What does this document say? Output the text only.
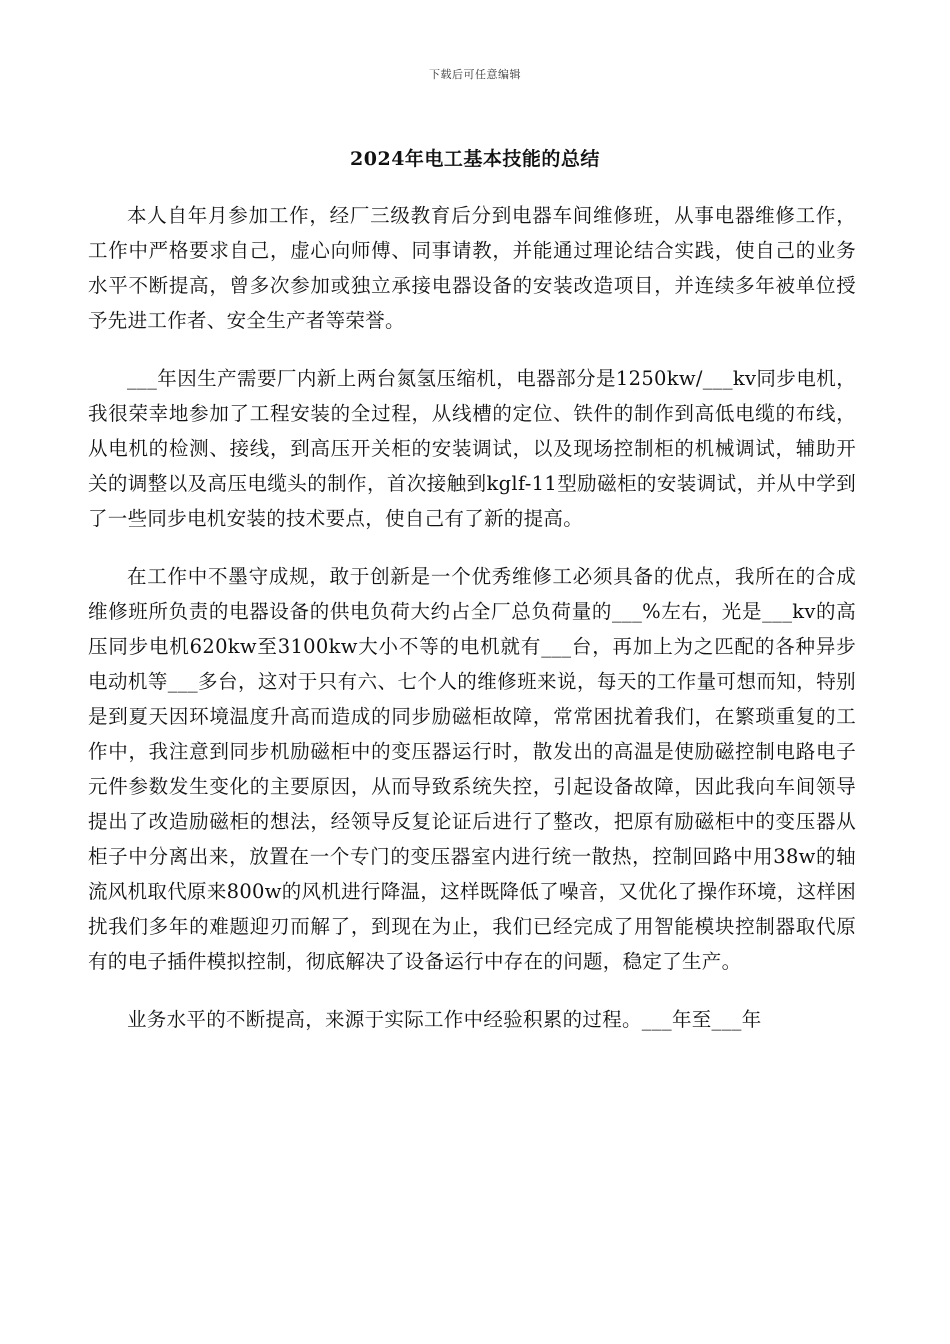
下载后可任意编辑
2024年电工基本技能的总结

本人自年月参加工作，经厂三级教育后分到电器车间维修班，从事电器维修工作，工作中严格要求自己，虚心向师傅、同事请教，并能通过理论结合实践，使自己的业务水平不断提高，曾多次参加或独立承接电器设备的安装改造项目，并连续多年被单位授予先进工作者、安全生产者等荣誉。

___年因生产需要厂内新上两台氮氢压缩机，电器部分是1250kw/___kv同步电机，我很荣幸地参加了工程安装的全过程，从线槽的定位、铁件的制作到高低电缆的布线，从电机的检测、接线，到高压开关柜的安装调试，以及现场控制柜的机械调试，辅助开关的调整以及高压电缆头的制作，首次接触到kglf-11型励磁柜的安装调试，并从中学到了一些同步电机安装的技术要点，使自己有了新的提高。

在工作中不墨守成规，敢于创新是一个优秀维修工必须具备的优点，我所在的合成维修班所负责的电器设备的供电负荷大约占全厂总负荷量的___%左右，光是___kv的高压同步电机620kw至3100kw大小不等的电机就有___台，再加上为之匹配的各种异步电动机等___多台，这对于只有六、七个人的维修班来说，每天的工作量可想而知，特别是到夏天因环境温度升高而造成的同步励磁柜故障，常常困扰着我们，在繁琐重复的工作中，我注意到同步机励磁柜中的变压器运行时，散发出的高温是使励磁控制电路电子元件参数发生变化的主要原因，从而导致系统失控，引起设备故障，因此我向车间领导提出了改造励磁柜的想法，经领导反复论证后进行了整改，把原有励磁柜中的变压器从柜子中分离出来，放置在一个专门的变压器室内进行统一散热，控制回路中用38w的轴流风机取代原来800w的风机进行降温，这样既降低了噪音，又优化了操作环境，这样困扰我们多年的难题迎刃而解了，到现在为止，我们已经完成了用智能模块控制器取代原有的电子插件模拟控制，彻底解决了设备运行中存在的问题，稳定了生产。

业务水平的不断提高，来源于实际工作中经验积累的过程。___年至___年
